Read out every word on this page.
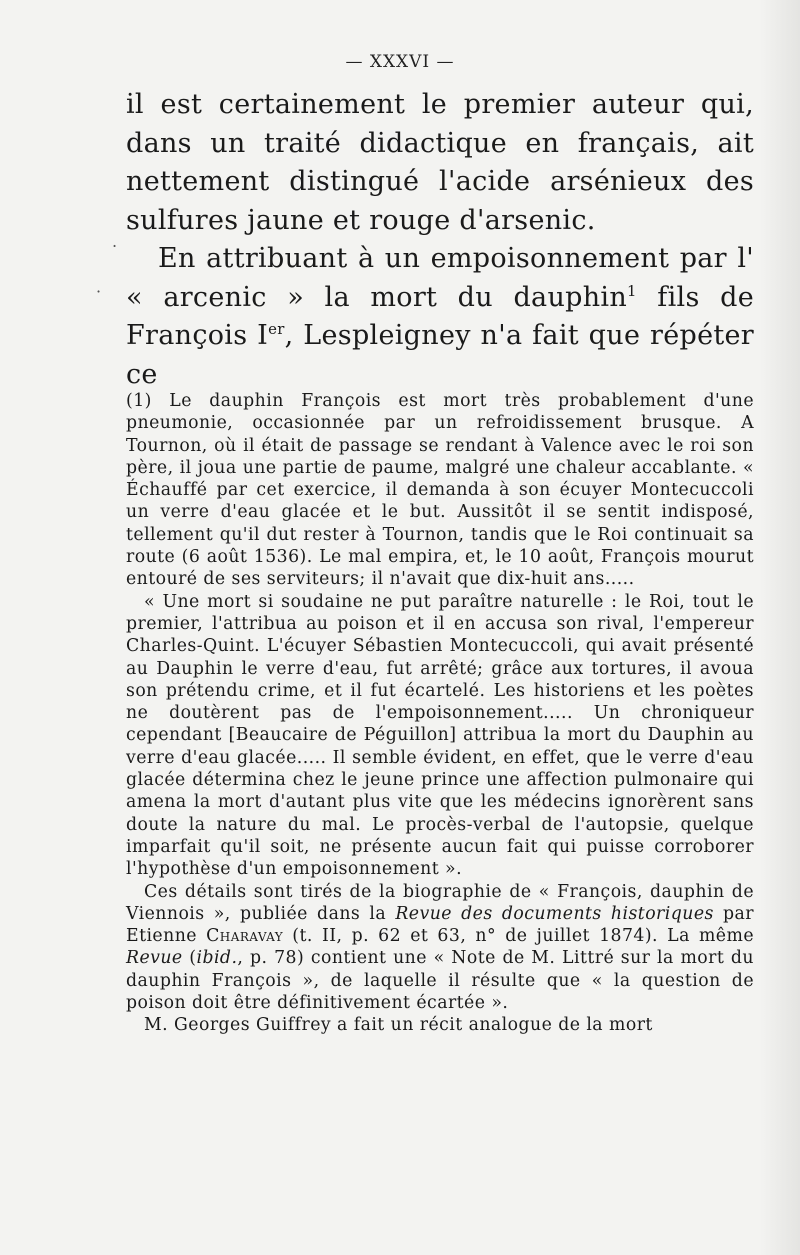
— XXXVI —

il est certainement le premier auteur qui, dans un traité didactique en français, ait nettement distingué l'acide arsénieux des sulfures jaune et rouge d'arsenic.

En attribuant à un empoisonnement par l' « arcenic » la mort du dauphin$^1$ fils de François Ier, Lespleigney n'a fait que répéter ce

.
·

(1) Le dauphin François est mort très probablement d'une pneumonie, occasionnée par un refroidissement brusque. A Tournon, où il était de passage se rendant à Valence avec le roi son père, il joua une partie de paume, malgré une chaleur accablante. « Échauffé par cet exercice, il demanda à son écuyer Montecuccoli un verre d'eau glacée et le but. Aussitôt il se sentit indisposé, tellement qu'il dut rester à Tournon, tandis que le Roi continuait sa route (6 août 1536). Le mal empira, et, le 10 août, François mourut entouré de ses serviteurs; il n'avait que dix-huit ans.....

« Une mort si soudaine ne put paraître naturelle : le Roi, tout le premier, l'attribua au poison et il en accusa son rival, l'empereur Charles-Quint. L'écuyer Sébastien Montecuccoli, qui avait présenté au Dauphin le verre d'eau, fut arrêté; grâce aux tortures, il avoua son prétendu crime, et il fut écartelé. Les historiens et les poètes ne doutèrent pas de l'empoisonnement..... Un chroniqueur cependant [Beaucaire de Péguillon] attribua la mort du Dauphin au verre d'eau glacée..... Il semble évident, en effet, que le verre d'eau glacée détermina chez le jeune prince une affection pulmonaire qui amena la mort d'autant plus vite que les médecins ignorèrent sans doute la nature du mal. Le procès-verbal de l'autopsie, quelque imparfait qu'il soit, ne présente aucun fait qui puisse corroborer l'hypothèse d'un empoisonnement ».

Ces détails sont tirés de la biographie de « François, dauphin de Viennois », publiée dans la Revue des documents historiques par Etienne Charavay (t. II, p. 62 et 63, n° de juillet 1874). La même Revue (ibid., p. 78) contient une « Note de M. Littré sur la mort du dauphin François », de laquelle il résulte que « la question de poison doit être définitivement écartée ».

M. Georges Guiffrey a fait un récit analogue de la mort
